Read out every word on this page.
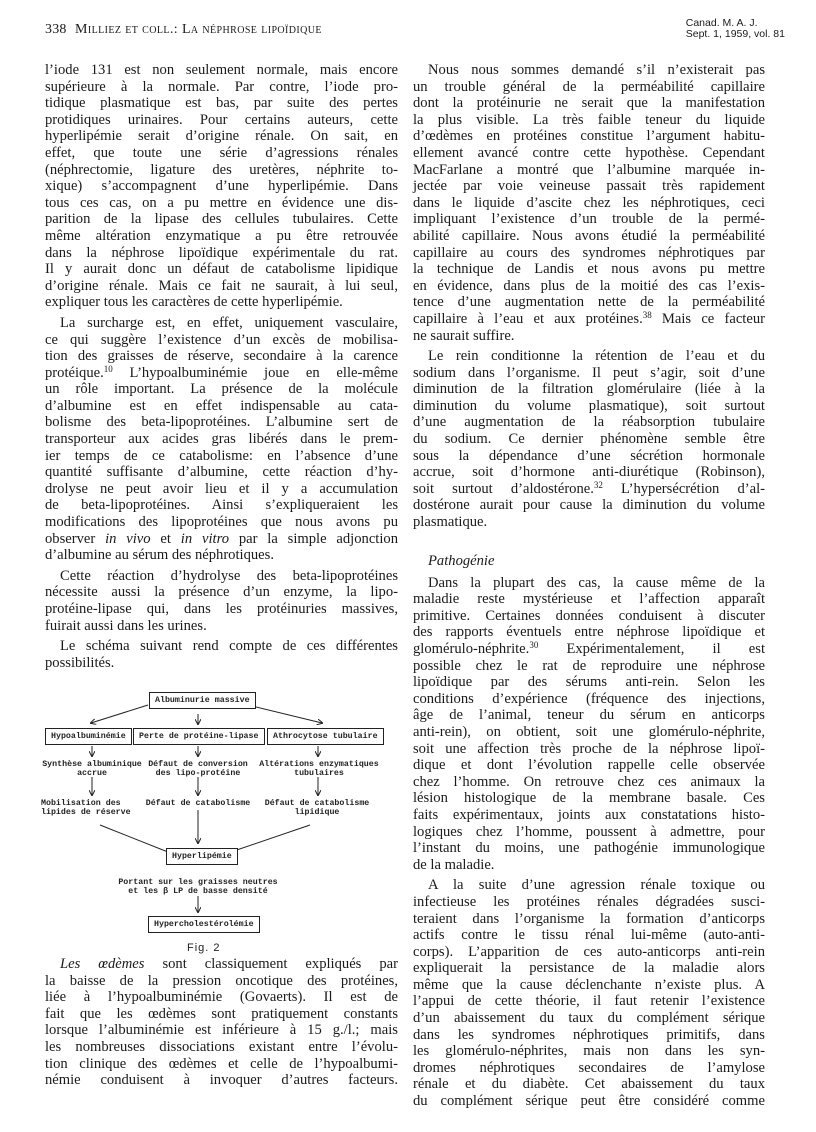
338 Milliez et coll.: La néphrose lipoïdique	Canad. M. A. J.
Sept. 1, 1959, vol. 81
l’iode 131 est non seulement normale, mais encore
supérieure à la normale. Par contre, l’iode pro-
tidique plasmatique est bas, par suite des pertes
protidiques urinaires. Pour certains auteurs, cette
hyperlipémie serait d’origine rénale. On sait, en
effet, que toute une série d’agressions rénales
(néphrectomie, ligature des uretères, néphrite to-
xique) s’accompagnent d’une hyperlipémie. Dans
tous ces cas, on a pu mettre en évidence une dis-
parition de la lipase des cellules tubulaires. Cette
même altération enzymatique a pu être retrouvée
dans la néphrose lipoïdique expérimentale du rat.
Il y aurait donc un défaut de catabolisme lipidique
d’origine rénale. Mais ce fait ne saurait, à lui seul,
expliquer tous les caractères de cette hyperlipémie.
La surcharge est, en effet, uniquement vasculaire,
ce qui suggère l’existence d’un excès de mobilisa-
tion des graisses de réserve, secondaire à la carence
protéique.$^{10}$ L’hypoalbuminémie joue en elle-même
un rôle important. La présence de la molécule
d’albumine est en effet indispensable au cata-
bolisme des beta-lipoprotéines. L’albumine sert de
transporteur aux acides gras libérés dans le prem-
ier temps de ce catabolisme: en l’absence d’une
quantité suffisante d’albumine, cette réaction d’hy-
drolyse ne peut avoir lieu et il y a accumulation
de beta-lipoprotéines. Ainsi s’expliqueraient les
modifications des lipoprotéines que nous avons pu
observer in vivo et in vitro par la simple adjonction
d’albumine au sérum des néphrotiques.
Cette réaction d’hydrolyse des beta-lipoprotéines
nécessite aussi la présence d’un enzyme, la lipo-
protéine-lipase qui, dans les protéinuries massives,
fuirait aussi dans les urines.
Le schéma suivant rend compte de ces différentes
possibilités.
Albuminurie massive
Hypoalbuminémie	Perte de protéine-lipase	Athrocytose tubulaire
Synthèse albuminique
accrue
Défaut de conversion
des lipo-protéine
Altérations enzymatiques
tubulaires
Mobilisation des
lipides de réserve
Défaut de catabolisme	Défaut de catabolisme
lipidique
Hyperlipémie
Portant sur les graisses neutres
et les β LP de basse densité
Hypercholestérolémie
Fig. 2
Les œdèmes sont classiquement expliqués par
la baisse de la pression oncotique des protéines,
liée à l’hypoalbuminémie (Govaerts). Il est de
fait que les œdèmes sont pratiquement constants
lorsque l’albuminémie est inférieure à 15 g./l.; mais
les nombreuses dissociations existant entre l’évolu-
tion clinique des œdèmes et celle de l’hypoalbumi-
némie conduisent à invoquer d’autres facteurs.
Nous nous sommes demandé s’il n’existerait pas
un trouble général de la perméabilité capillaire
dont la protéinurie ne serait que la manifestation
la plus visible. La très faible teneur du liquide
d’œdèmes en protéines constitue l’argument habitu-
ellement avancé contre cette hypothèse. Cependant
MacFarlane a montré que l’albumine marquée in-
jectée par voie veineuse passait très rapidement
dans le liquide d’ascite chez les néphrotiques, ceci
impliquant l’existence d’un trouble de la permé-
abilité capillaire. Nous avons étudié la perméabilité
capillaire au cours des syndromes néphrotiques par
la technique de Landis et nous avons pu mettre
en évidence, dans plus de la moitié des cas l’exis-
tence d’une augmentation nette de la perméabilité
capillaire à l’eau et aux protéines.$^{38}$ Mais ce facteur
ne saurait suffire.
Le rein conditionne la rétention de l’eau et du
sodium dans l’organisme. Il peut s’agir, soit d’une
diminution de la filtration glomérulaire (liée à la
diminution du volume plasmatique), soit surtout
d’une augmentation de la réabsorption tubulaire
du sodium. Ce dernier phénomène semble être
sous la dépendance d’une sécrétion hormonale
accrue, soit d’hormone anti-diurétique (Robinson),
soit surtout d’aldostérone.$^{32}$ L’hypersécrétion d’al-
dostérone aurait pour cause la diminution du volume
plasmatique.
Pathogénie
Dans la plupart des cas, la cause même de la
maladie reste mystérieuse et l’affection apparaît
primitive. Certaines données conduisent à discuter
des rapports éventuels entre néphrose lipoïdique et
glomérulo-néphrite.$^{30}$ Expérimentalement, il est
possible chez le rat de reproduire une néphrose
lipoïdique par des sérums anti-rein. Selon les
conditions d’expérience (fréquence des injections,
âge de l’animal, teneur du sérum en anticorps
anti-rein), on obtient, soit une glomérulo-néphrite,
soit une affection très proche de la néphrose lipoï-
dique et dont l’évolution rappelle celle observée
chez l’homme. On retrouve chez ces animaux la
lésion histologique de la membrane basale. Ces
faits expérimentaux, joints aux constatations histo-
logiques chez l’homme, poussent à admettre, pour
l’instant du moins, une pathogénie immunologique
de la maladie.
A la suite d’une agression rénale toxique ou
infectieuse les protéines rénales dégradées susci-
teraient dans l’organisme la formation d’anticorps
actifs contre le tissu rénal lui-même (auto-anti-
corps). L’apparition de ces auto-anticorps anti-rein
expliquerait la persistance de la maladie alors
même que la cause déclenchante n’existe plus. A
l’appui de cette théorie, il faut retenir l’existence
d’un abaissement du taux du complément sérique
dans les syndromes néphrotiques primitifs, dans
les glomérulo-néphrites, mais non dans les syn-
dromes néphrotiques secondaires de l’amylose
rénale et du diabète. Cet abaissement du taux
du complément sérique peut être considéré comme
